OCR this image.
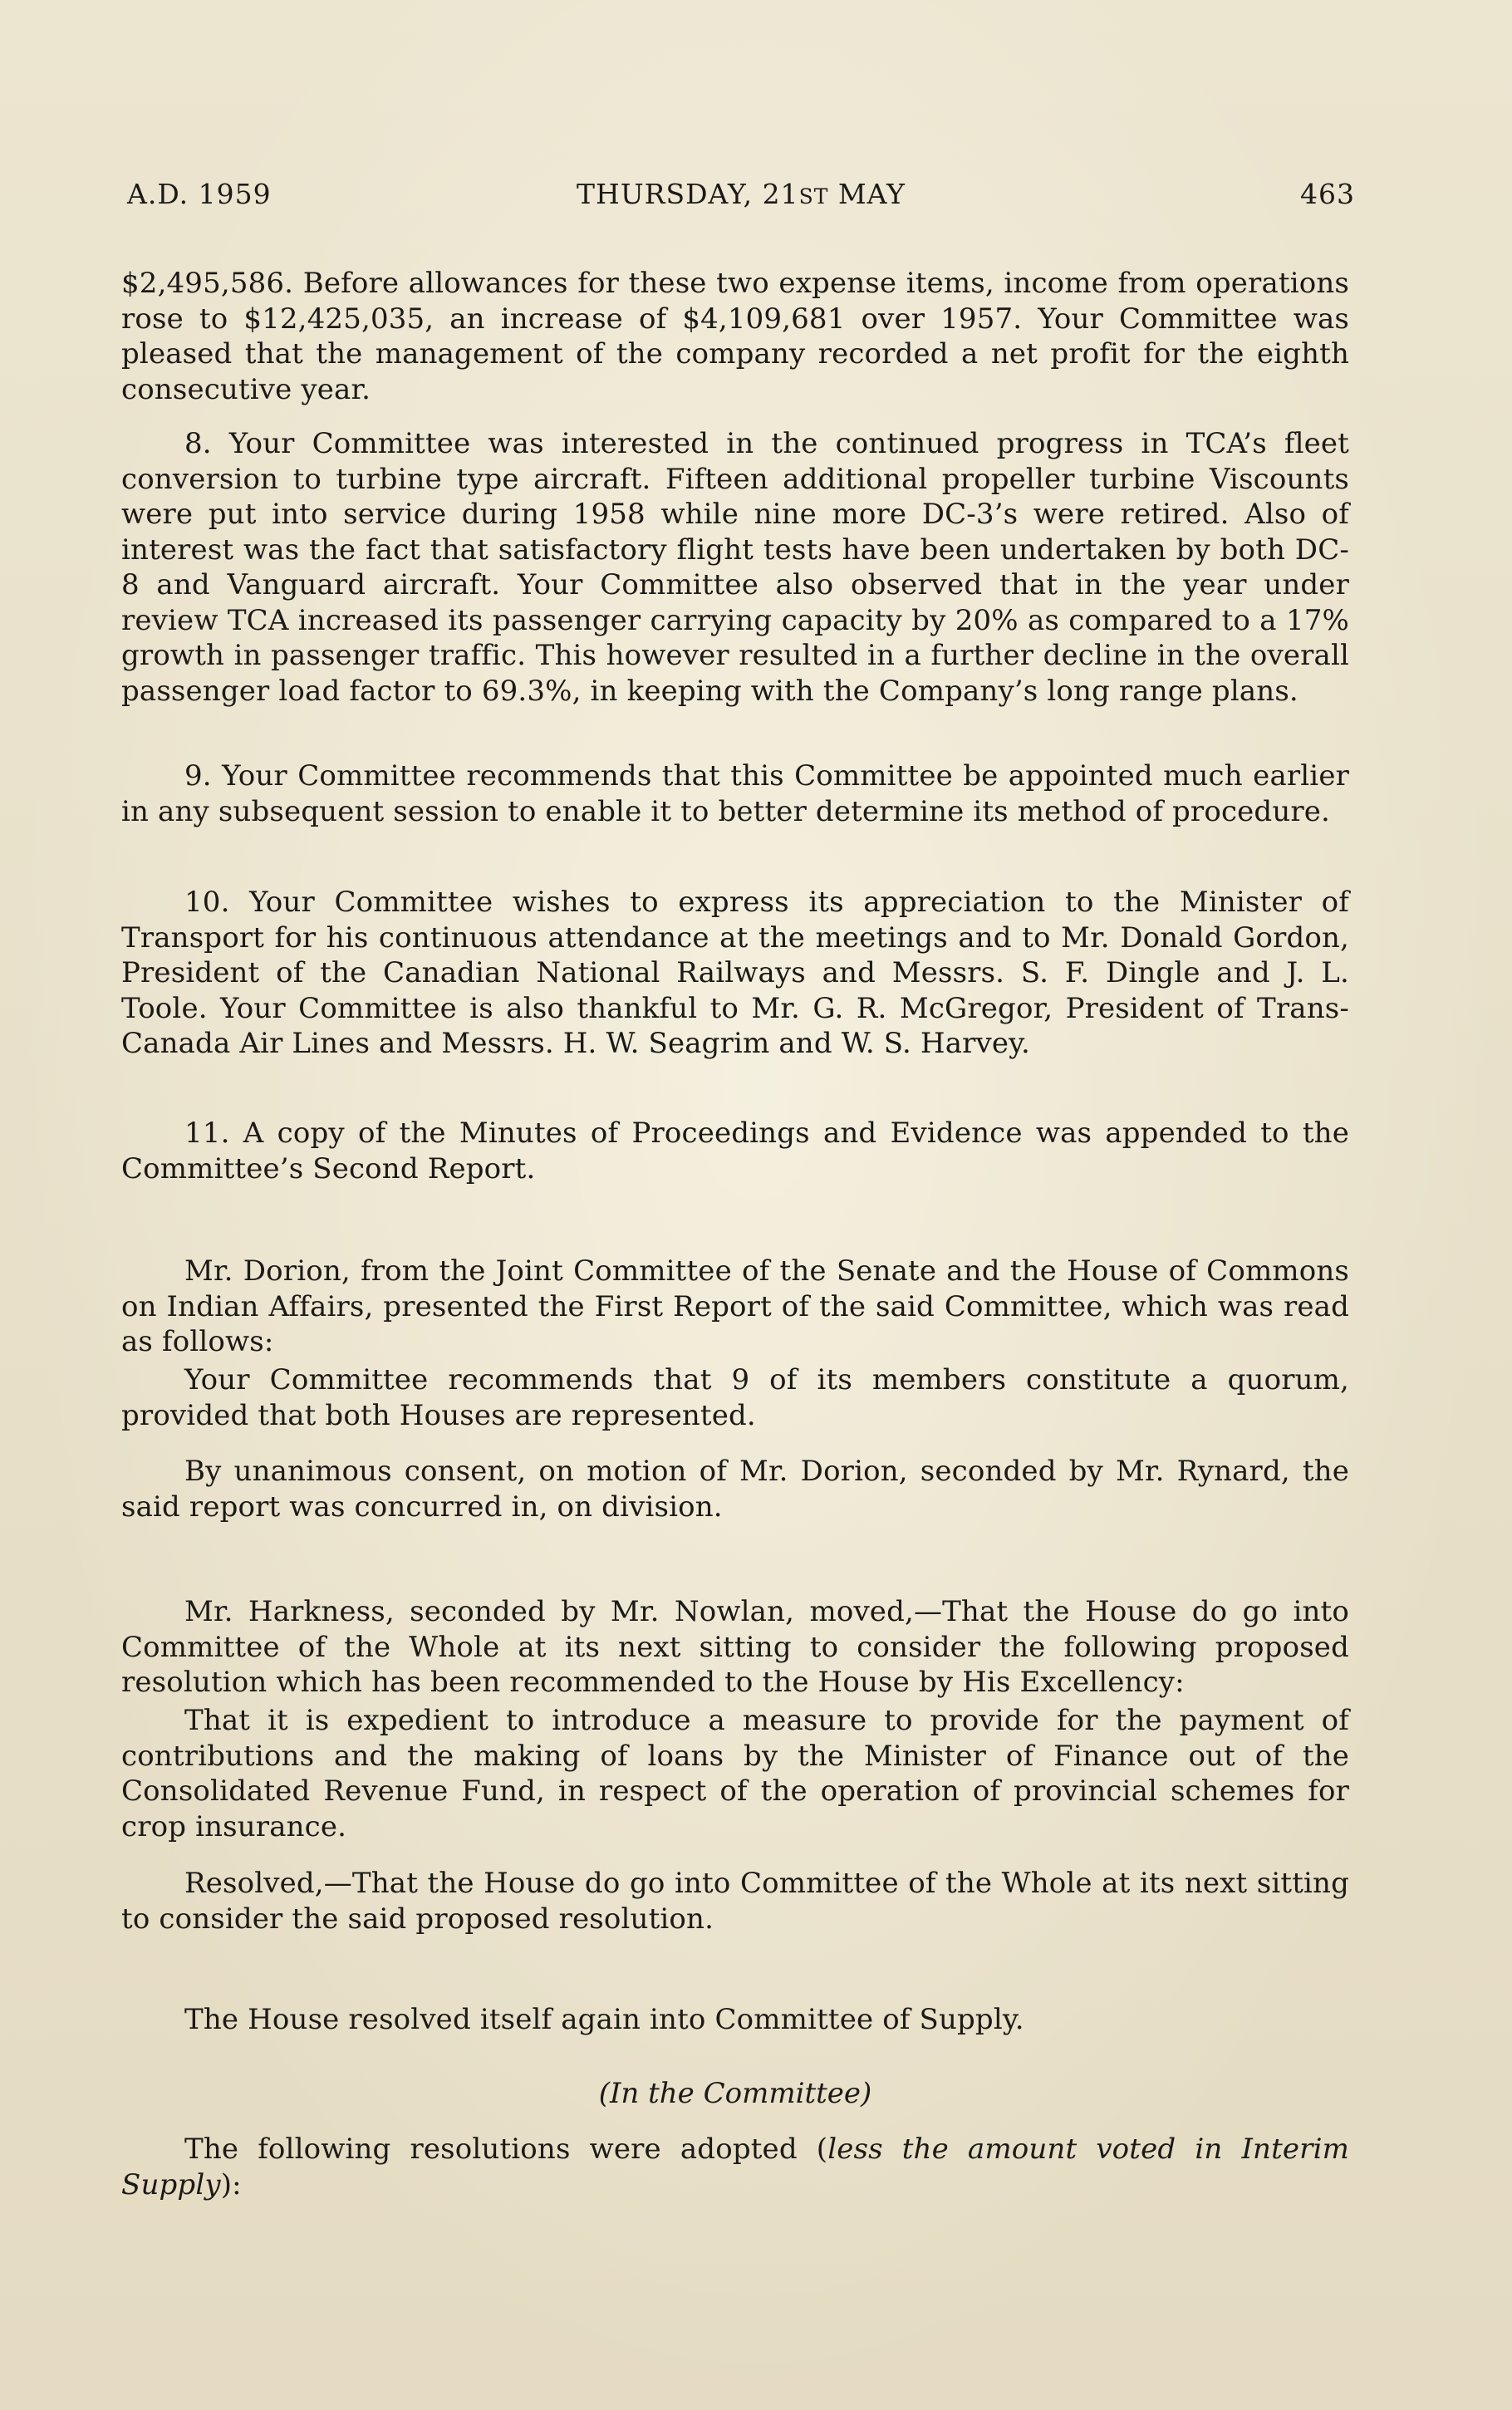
A.D. 1959	THURSDAY, 21ST MAY	463

$2,495,586. Before allowances for these two expense items, income from operations rose to $12,425,035, an increase of $4,109,681 over 1957. Your Committee was pleased that the management of the company recorded a net profit for the eighth consecutive year.

8. Your Committee was interested in the continued progress in TCA’s fleet conversion to turbine type aircraft. Fifteen additional propeller turbine Viscounts were put into service during 1958 while nine more DC-3’s were retired. Also of interest was the fact that satisfactory flight tests have been undertaken by both DC-8 and Vanguard aircraft. Your Committee also observed that in the year under review TCA increased its passenger carrying capacity by 20% as compared to a 17% growth in passenger traffic. This however resulted in a further decline in the overall passenger load factor to 69.3%, in keeping with the Company’s long range plans.

9. Your Committee recommends that this Committee be appointed much earlier in any subsequent session to enable it to better determine its method of procedure.

10. Your Committee wishes to express its appreciation to the Minister of Transport for his continuous attendance at the meetings and to Mr. Donald Gordon, President of the Canadian National Railways and Messrs. S. F. Dingle and J. L. Toole. Your Committee is also thankful to Mr. G. R. McGregor, President of Trans-Canada Air Lines and Messrs. H. W. Seagrim and W. S. Harvey.

11. A copy of the Minutes of Proceedings and Evidence was appended to the Committee’s Second Report.

Mr. Dorion, from the Joint Committee of the Senate and the House of Commons on Indian Affairs, presented the First Report of the said Committee, which was read as follows:

Your Committee recommends that 9 of its members constitute a quorum, provided that both Houses are represented.

By unanimous consent, on motion of Mr. Dorion, seconded by Mr. Rynard, the said report was concurred in, on division.

Mr. Harkness, seconded by Mr. Nowlan, moved,—That the House do go into Committee of the Whole at its next sitting to consider the following proposed resolution which has been recommended to the House by His Excellency:

That it is expedient to introduce a measure to provide for the payment of contributions and the making of loans by the Minister of Finance out of the Consolidated Revenue Fund, in respect of the operation of provincial schemes for crop insurance.

Resolved,—That the House do go into Committee of the Whole at its next sitting to consider the said proposed resolution.

The House resolved itself again into Committee of Supply.

(In the Committee)

The following resolutions were adopted (less the amount voted in Interim Supply):
